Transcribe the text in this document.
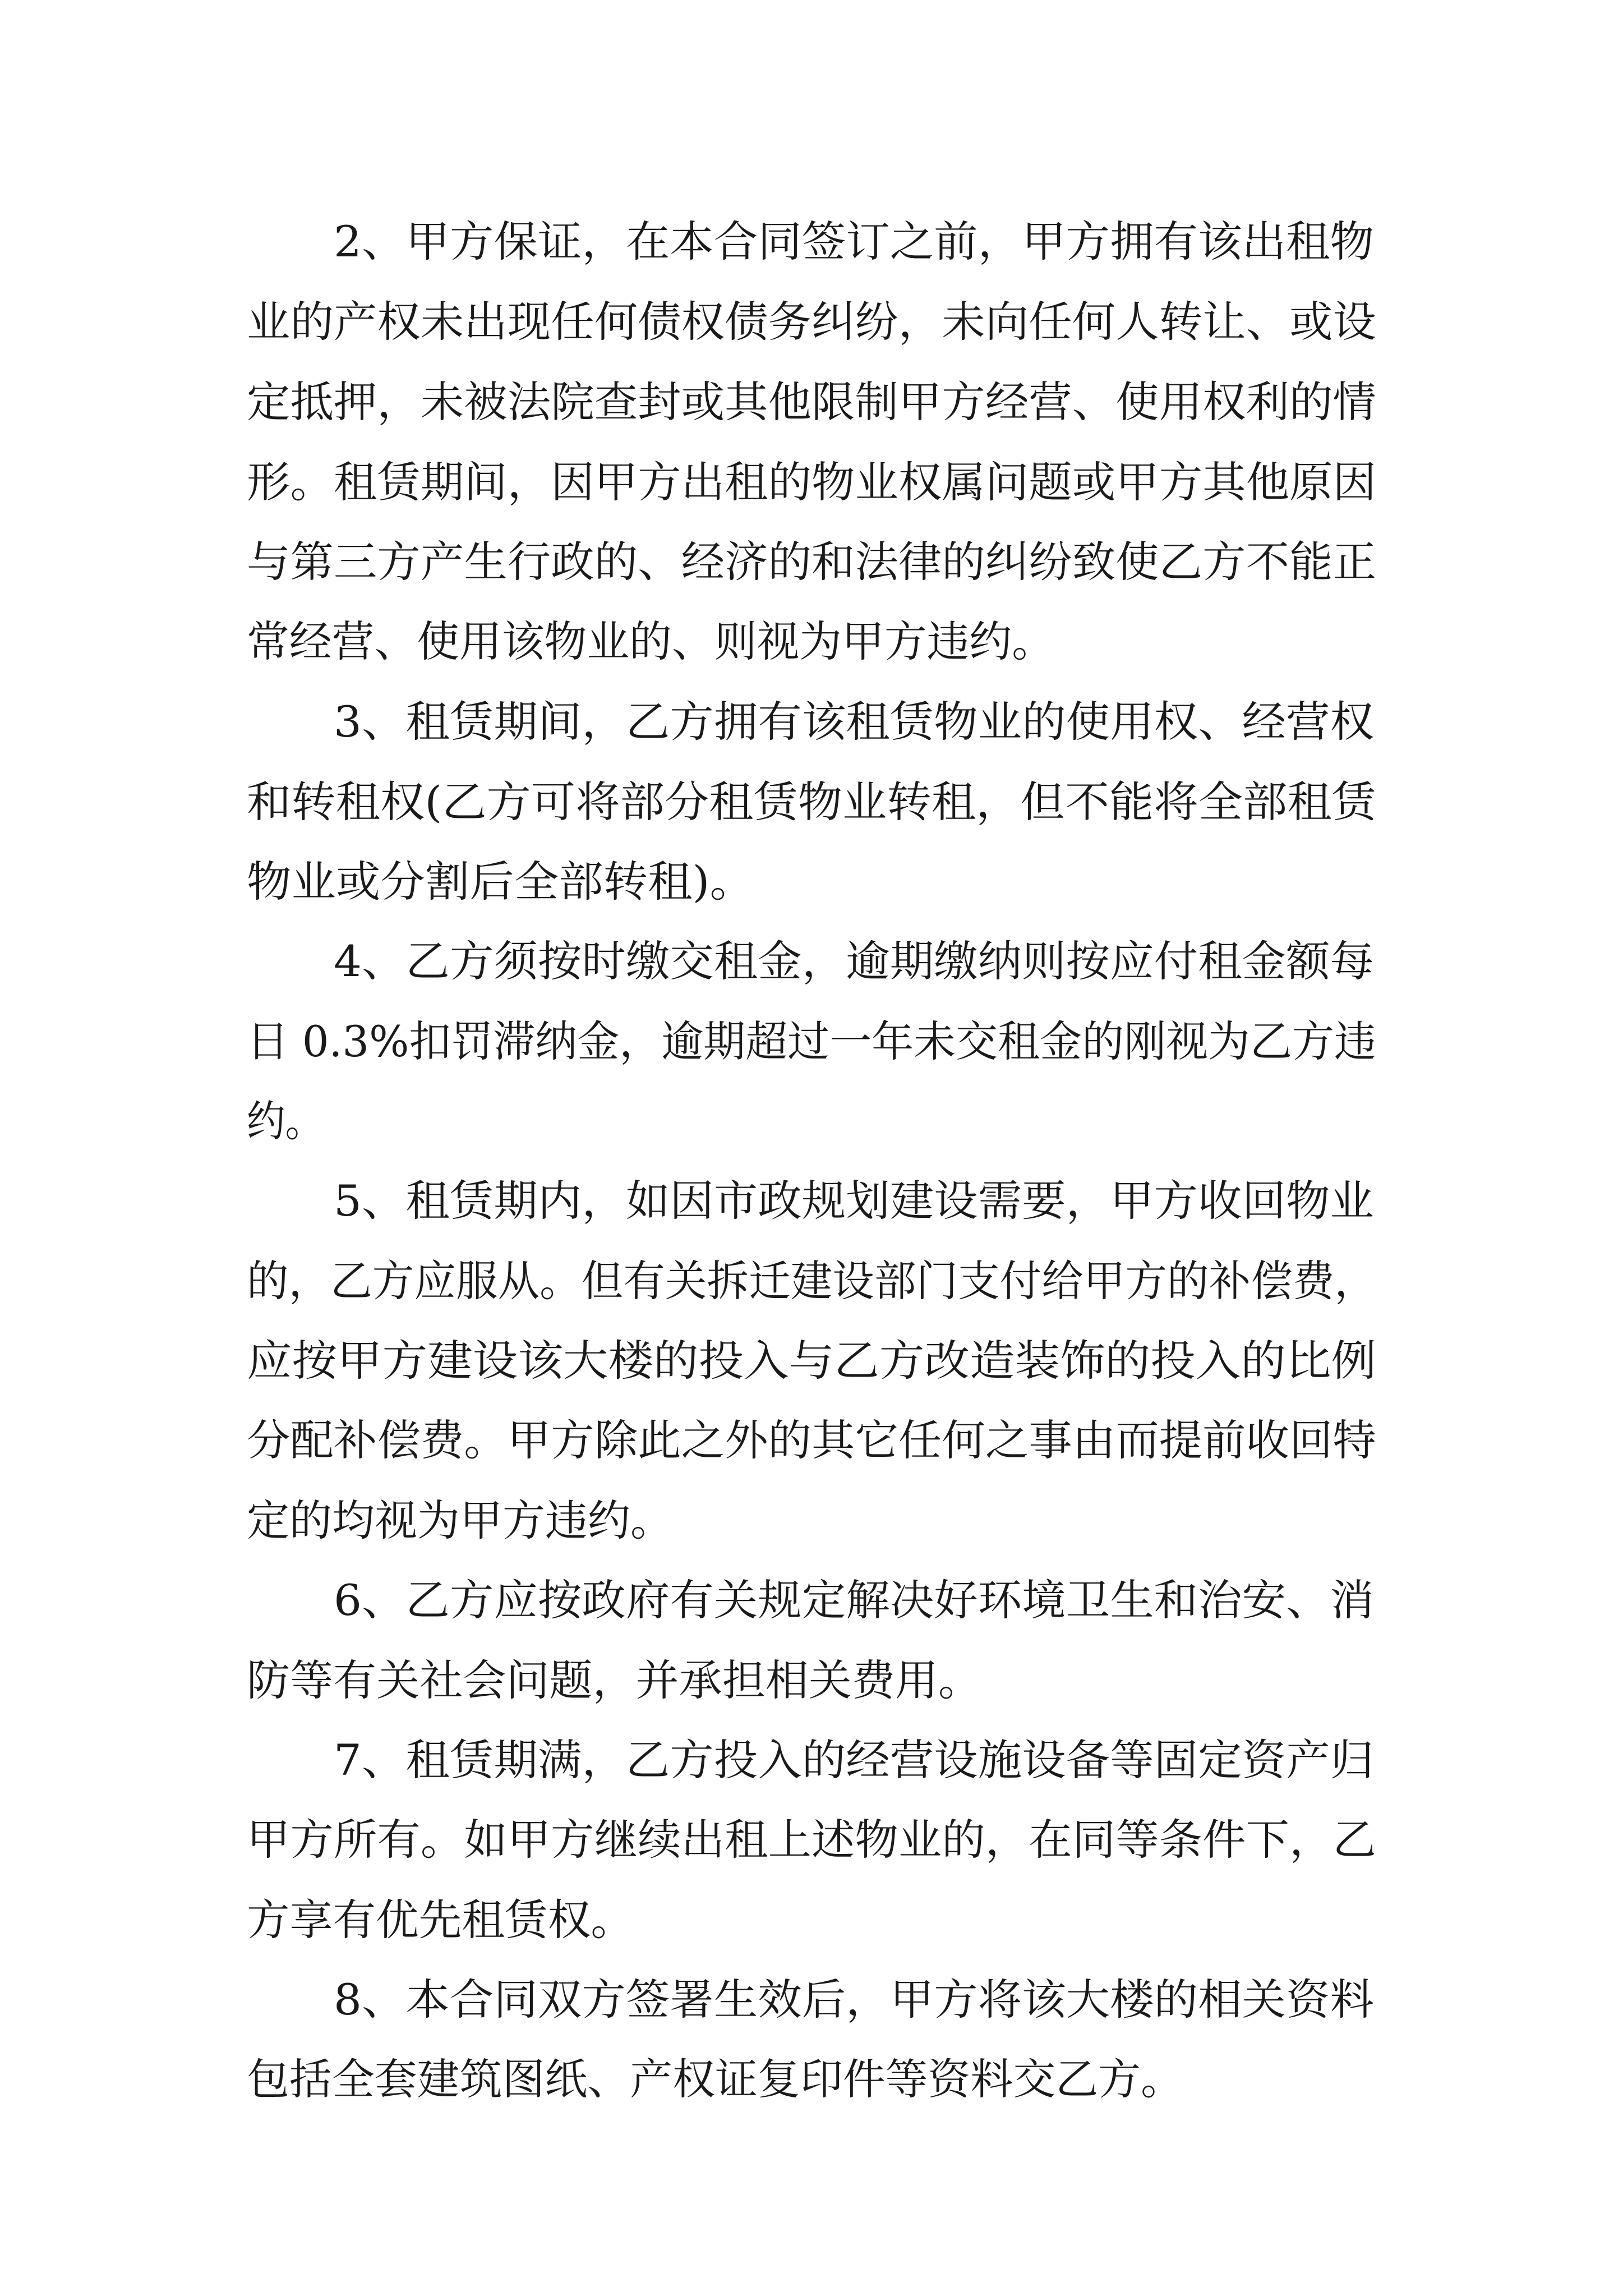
2、甲方保证，在本合同签订之前，甲方拥有该出租物
业的产权未出现任何债权债务纠纷，未向任何人转让、或设
定抵押，未被法院查封或其他限制甲方经营、使用权利的情
形。租赁期间，因甲方出租的物业权属问题或甲方其他原因
与第三方产生行政的、经济的和法律的纠纷致使乙方不能正
常经营、使用该物业的、则视为甲方违约。
3、租赁期间，乙方拥有该租赁物业的使用权、经营权
和转租权(乙方可将部分租赁物业转租，但不能将全部租赁
物业或分割后全部转租)。
4、乙方须按时缴交租金，逾期缴纳则按应付租金额每
日 0.3%扣罚滞纳金，逾期超过一年未交租金的刚视为乙方违
约。
5、租赁期内，如因市政规划建设需要，甲方收回物业
的，乙方应服从。但有关拆迁建设部门支付给甲方的补偿费，
应按甲方建设该大楼的投入与乙方改造装饰的投入的比例
分配补偿费。甲方除此之外的其它任何之事由而提前收回特
定的均视为甲方违约。
6、乙方应按政府有关规定解决好环境卫生和治安、消
防等有关社会问题，并承担相关费用。
7、租赁期满，乙方投入的经营设施设备等固定资产归
甲方所有。如甲方继续出租上述物业的，在同等条件下，乙
方享有优先租赁权。
8、本合同双方签署生效后，甲方将该大楼的相关资料
包括全套建筑图纸、产权证复印件等资料交乙方。
